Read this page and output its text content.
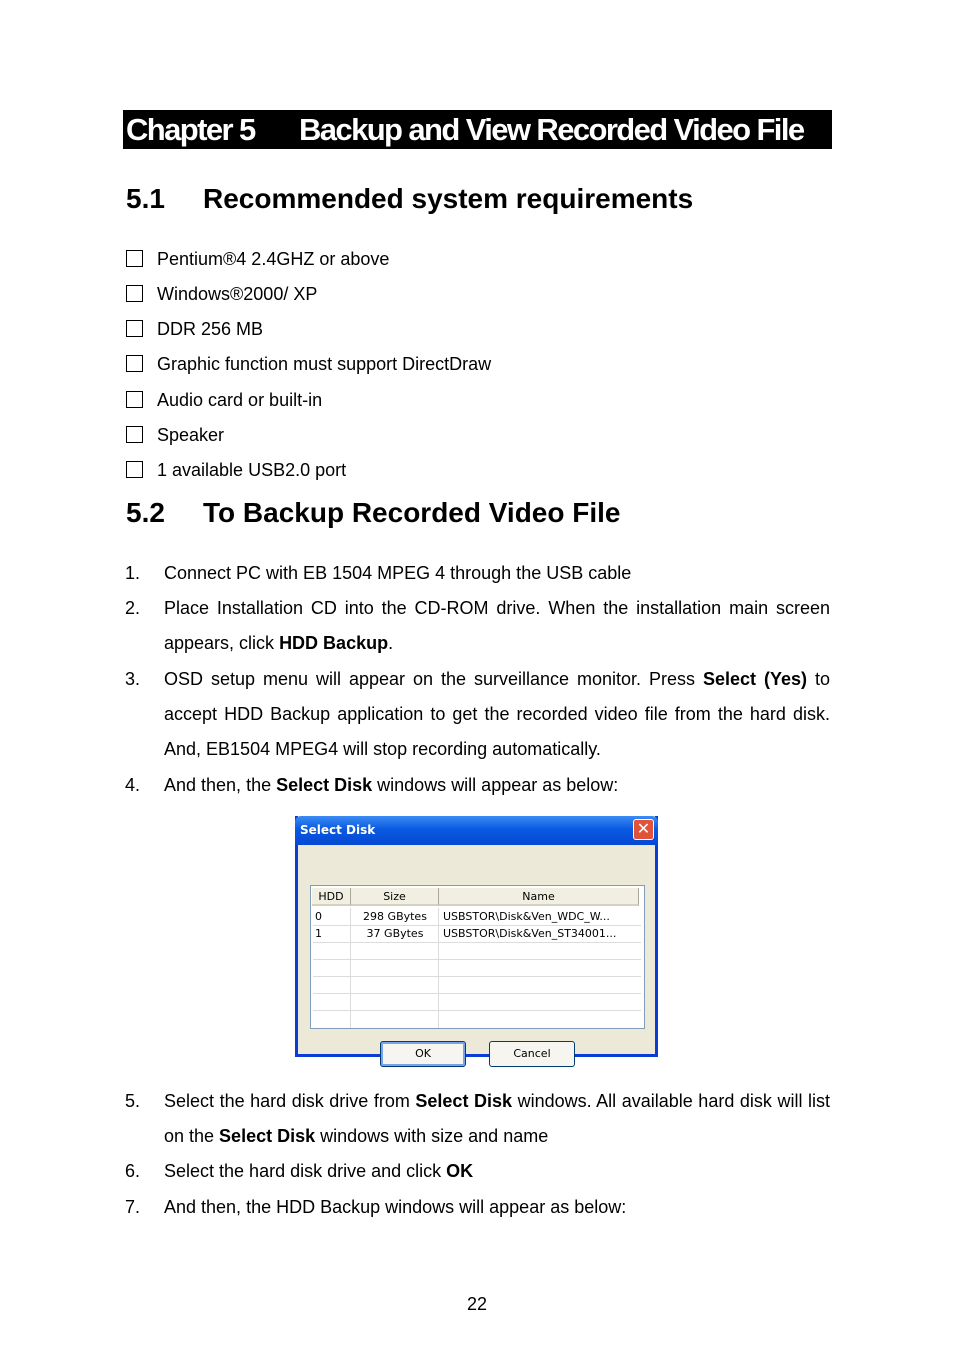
Chapter 5 Backup and View Recorded Video File
5.1 Recommended system requirements
Pentium®4 2.4GHZ or above
Windows®2000/ XP
DDR 256 MB
Graphic function must support DirectDraw
Audio card or built-in
Speaker
1 available USB2.0 port
5.2 To Backup Recorded Video File
1. Connect PC with EB 1504 MPEG 4 through the USB cable
2. Place Installation CD into the CD-ROM drive. When the installation main screen appears, click HDD Backup.
3. OSD setup menu will appear on the surveillance monitor. Press Select (Yes) to accept HDD Backup application to get the recorded video file from the hard disk. And, EB1504 MPEG4 will stop recording automatically.
4. And then, the Select Disk windows will appear as below:
Select Disk	✕
HDD	Size	Name
0	298 GBytes	USBSTOR\Disk&Ven_WDC_W...
1	37 GBytes	USBSTOR\Disk&Ven_ST34001...
OK	Cancel
5. Select the hard disk drive from Select Disk windows. All available hard disk will list on the Select Disk windows with size and name
6. Select the hard disk drive and click OK
7. And then, the HDD Backup windows will appear as below:
22
